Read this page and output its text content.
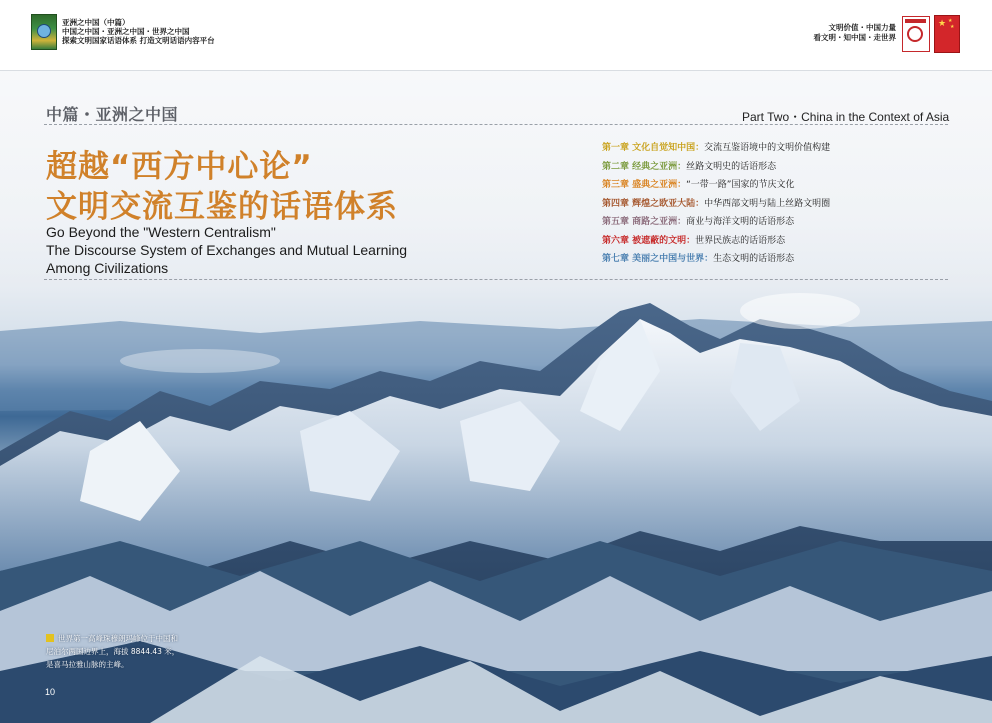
亚洲之中国（中篇）
中国之中国・亚洲之中国・世界之中国
探索文明国家话语体系 打造文明话语内容平台
文明价值・中国力量
看文明・知中国・走世界
★ ★
★
中篇・亚洲之中国	Part Two・China in the Context of Asia
超越“西方中心论”
文明交流互鉴的话语体系
Go Beyond the "Western Centralism"
The Discourse System of Exchanges and Mutual Learning
Among Civilizations
第一章 文化自觉知中国：交流互鉴语境中的文明价值构建
第二章 经典之亚洲：丝路文明史的话语形态
第三章 盛典之亚洲：“一带一路”国家的节庆文化
第四章 辉煌之欧亚大陆：中华西部文明与陆上丝路文明圈
第五章 商路之亚洲：商业与海洋文明的话语形态
第六章 被遮蔽的文明：世界民族志的话语形态
第七章 美丽之中国与世界：生态文明的话语形态
世界第一高峰珠穆朗玛峰位于中国和
尼泊尔两国边界上，海拔 8844.43 米，
是喜马拉雅山脉的主峰。
10
